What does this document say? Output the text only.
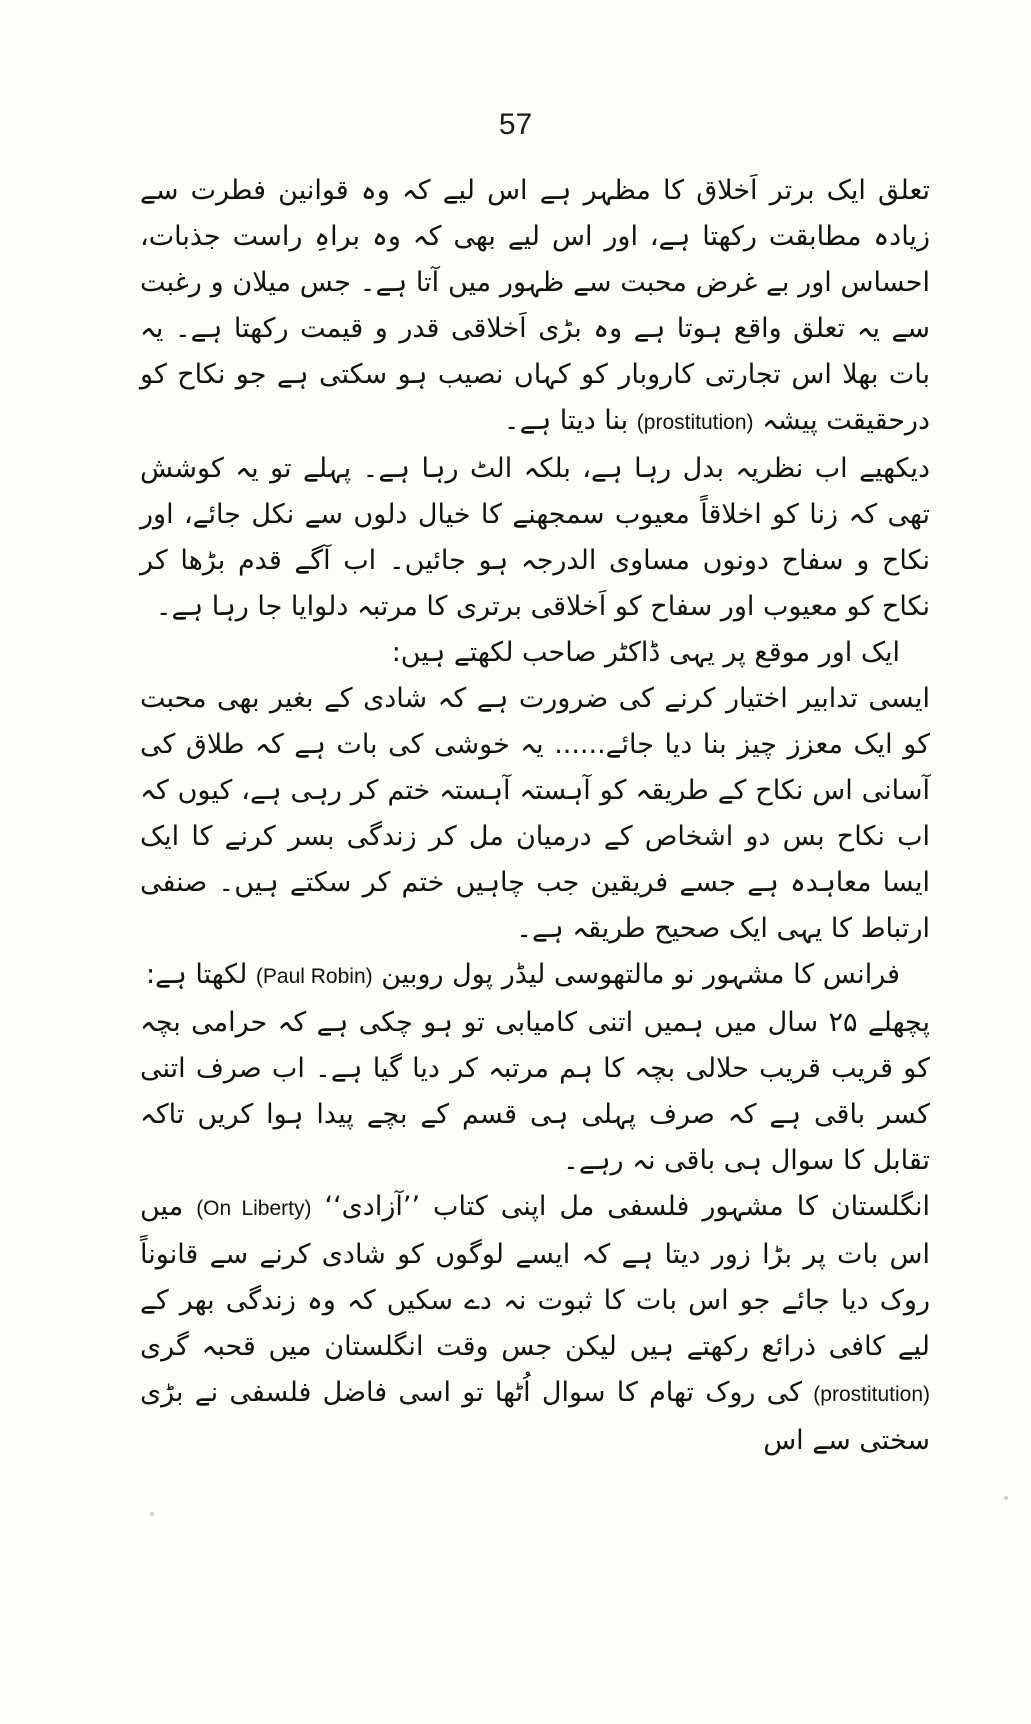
57

تعلق ایک برتر اَخلاق کا مظہر ہے اس لیے کہ وہ قوانین فطرت سے زیادہ مطابقت رکھتا ہے، اور اس لیے بھی کہ وہ براہِ راست جذبات، احساس اور بے غرض محبت سے ظہور میں آتا ہے۔ جس میلان و رغبت سے یہ تعلق واقع ہوتا ہے وہ بڑی اَخلاقی قدر و قیمت رکھتا ہے۔ یہ بات بھلا اس تجارتی کاروبار کو کہاں نصیب ہو سکتی ہے جو نکاح کو درحقیقت پیشہ (prostitution) بنا دیتا ہے۔

دیکھیے اب نظریہ بدل رہا ہے، بلکہ الٹ رہا ہے۔ پہلے تو یہ کوشش تھی کہ زنا کو اخلاقاً معیوب سمجھنے کا خیال دلوں سے نکل جائے، اور نکاح و سفاح دونوں مساوی الدرجہ ہو جائیں۔ اب آگے قدم بڑھا کر نکاح کو معیوب اور سفاح کو اَخلاقی برتری کا مرتبہ دلوایا جا رہا ہے۔

ایک اور موقع پر یہی ڈاکٹر صاحب لکھتے ہیں:

ایسی تدابیر اختیار کرنے کی ضرورت ہے کہ شادی کے بغیر بھی محبت کو ایک معزز چیز بنا دیا جائے...... یہ خوشی کی بات ہے کہ طلاق کی آسانی اس نکاح کے طریقہ کو آہستہ آہستہ ختم کر رہی ہے، کیوں کہ اب نکاح بس دو اشخاص کے درمیان مل کر زندگی بسر کرنے کا ایک ایسا معاہدہ ہے جسے فریقین جب چاہیں ختم کر سکتے ہیں۔ صنفی ارتباط کا یہی ایک صحیح طریقہ ہے۔

فرانس کا مشہور نو مالتھوسی لیڈر پول روبین (Paul Robin) لکھتا ہے:

پچھلے ۲۵ سال میں ہمیں اتنی کامیابی تو ہو چکی ہے کہ حرامی بچہ کو قریب قریب حلالی بچہ کا ہم مرتبہ کر دیا گیا ہے۔ اب صرف اتنی کسر باقی ہے کہ صرف پہلی ہی قسم کے بچے پیدا ہوا کریں تاکہ تقابل کا سوال ہی باقی نہ رہے۔

انگلستان کا مشہور فلسفی مل اپنی کتاب ’’آزادی‘‘ (On Liberty) میں اس بات پر بڑا زور دیتا ہے کہ ایسے لوگوں کو شادی کرنے سے قانوناً روک دیا جائے جو اس بات کا ثبوت نہ دے سکیں کہ وہ زندگی بھر کے لیے کافی ذرائع رکھتے ہیں لیکن جس وقت انگلستان میں قحبہ گری (prostitution) کی روک تھام کا سوال اُٹھا تو اسی فاضل فلسفی نے بڑی سختی سے اس
